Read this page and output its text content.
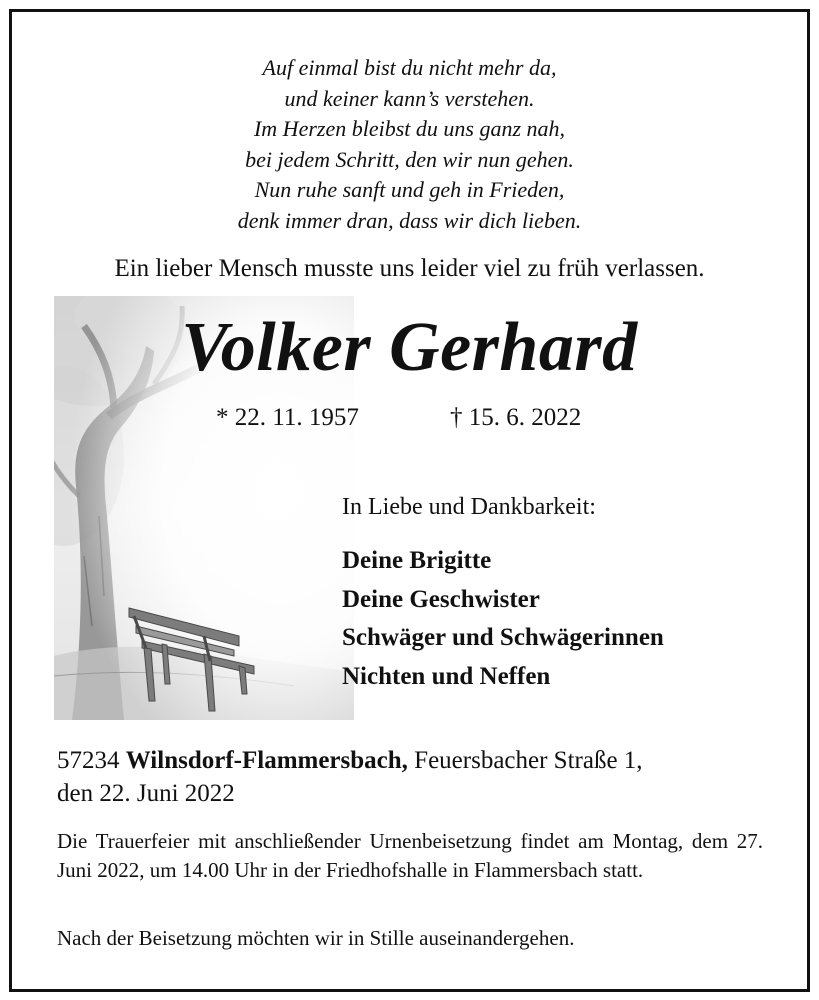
Auf einmal bist du nicht mehr da,
und keiner kann’s verstehen.
Im Herzen bleibst du uns ganz nah,
bei jedem Schritt, den wir nun gehen.
Nun ruhe sanft und geh in Frieden,
denk immer dran, dass wir dich lieben.
Ein lieber Mensch musste uns leider viel zu früh verlassen.
Volker Gerhard
* 22. 11. 1957	† 15. 6. 2022
In Liebe und Dankbarkeit:
Deine Brigitte
Deine Geschwister
Schwäger und Schwägerinnen
Nichten und Neffen
57234 Wilnsdorf-Flammersbach, Feuersbacher Straße 1,
den 22. Juni 2022
Die Trauerfeier mit anschließender Urnenbeisetzung findet am Montag, dem 27. Juni 2022, um 14.00 Uhr in der Friedhofshalle in Flammersbach statt.
Nach der Beisetzung möchten wir in Stille auseinandergehen.
